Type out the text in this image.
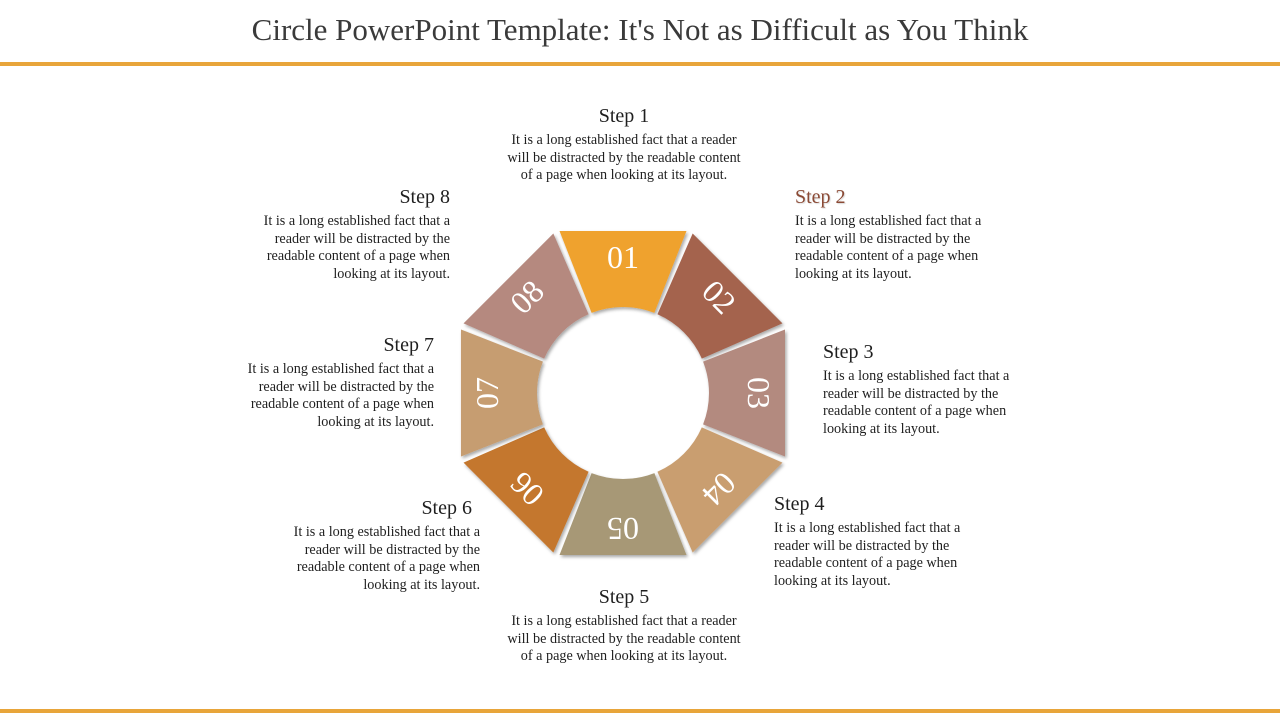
Circle PowerPoint Template: It's Not as Difficult as You Think
01
02
03
04
05
06
07
08
Step 1
It is a long established fact that a reader will be distracted by the readable content of a page when looking at its layout.
Step 2
It is a long established fact that a reader will be distracted by the readable content of a page when looking at its layout.
Step 3
It is a long established fact that a reader will be distracted by the readable content of a page when looking at its layout.
Step 4
It is a long established fact that a reader will be distracted by the readable content of a page when looking at its layout.
Step 5
It is a long established fact that a reader will be distracted by the readable content of a page when looking at its layout.
Step 6
It is a long established fact that a reader will be distracted by the readable content of a page when looking at its layout.
Step 7
It is a long established fact that a reader will be distracted by the readable content of a page when looking at its layout.
Step 8
It is a long established fact that a reader will be distracted by the readable content of a page when looking at its layout.
